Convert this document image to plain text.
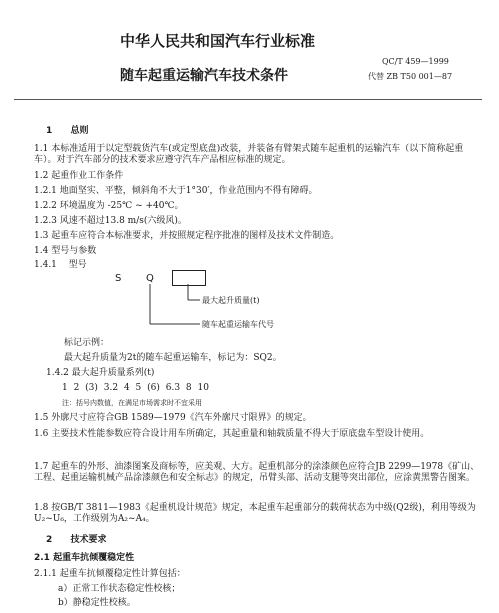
中华人民共和国汽车行业标准
QC/T 459—1999
随车起重运输汽车技术条件	代替 ZB T50 001—87
1 总则
1.1 本标准适用于以定型载货汽车(或定型底盘)改装，并装备有臂架式随车起重机的运输汽车（以下简称起重车）。对于汽车部分的技术要求应遵守汽车产品相应标准的规定。
1.2 起重作业工作条件
1.2.1 地面坚实、平整，倾斜角不大于1°30′，作业范围内不得有障碍。
1.2.2 环境温度为 -25℃ ~ +40℃。
1.2.3 风速不超过13.8 m/s(六级风)。
1.3 起重车应符合本标准要求，并按照规定程序批准的图样及技术文件制造。
1.4 型号与参数
1.4.1 型号
S Q
最大起升质量(t)
随车起重运输车代号
标记示例：
最大起升质量为2t的随车起重运输车，标记为：SQ2。
1.4.2 最大起升质量系列(t)
1 2 (3) 3.2 4 5 (6) 6.3 8 10
注：括号内数值，在满足市场需求时不宜采用
1.5 外廓尺寸应符合GB 1589—1979《汽车外廓尺寸限界》的规定。
1.6 主要技术性能参数应符合设计用车所确定，其起重量和轴载质量不得大于原底盘车型设计使用。
1.7 起重车的外形、油漆图案及商标等，应美观、大方。起重机部分的涂漆颜色应符合JB 2299—1978《矿山、工程、起重运输机械产品涂漆颜色和安全标志》的规定，吊臂头部、活动支腿等突出部位，应涂黄黑警告图案。
1.8 按GB/T 3811—1983《起重机设计规范》规定，本起重车起重部分的载荷状态为中级(Q2级)，利用等级为U₂~U₆，工作级别为A₂~A₄。
2 技术要求
2.1 起重车抗倾覆稳定性
2.1.1 起重车抗倾覆稳定性计算包括：
a）正常工作状态稳定性校核；
b）静稳定性校核。
